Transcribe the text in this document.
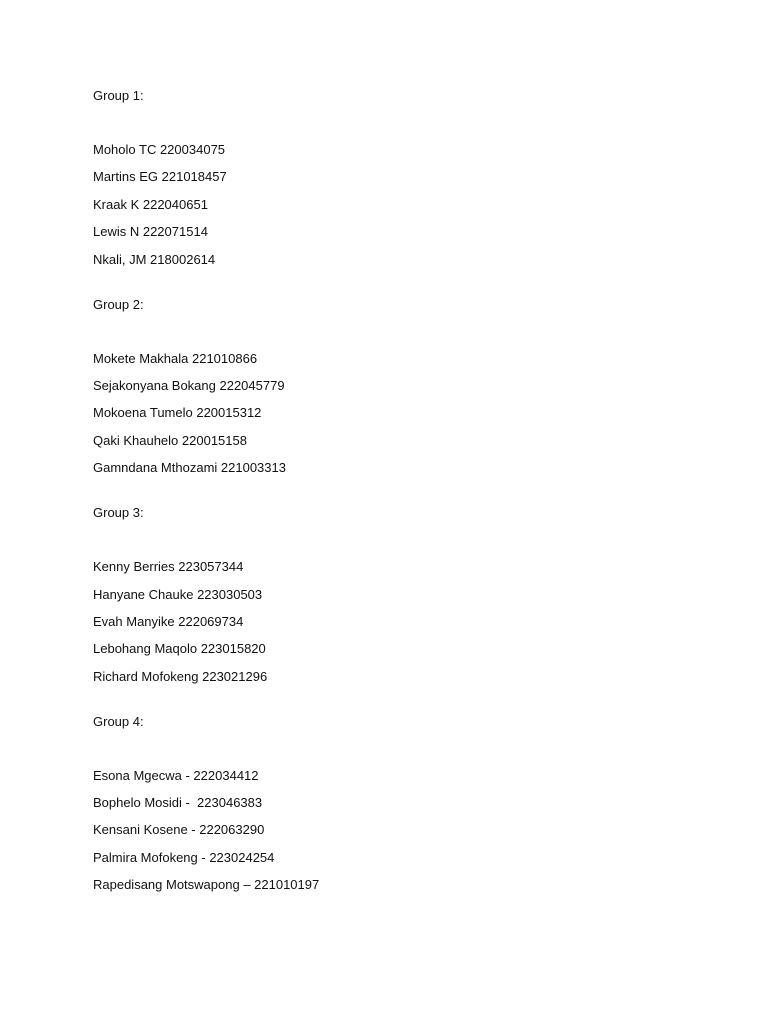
Group 1:
Moholo TC 220034075
Martins EG 221018457
Kraak K 222040651
Lewis N 222071514
Nkali, JM 218002614
Group 2:
Mokete Makhala 221010866
Sejakonyana Bokang 222045779
Mokoena Tumelo 220015312
Qaki Khauhelo 220015158
Gamndana Mthozami 221003313
Group 3:
Kenny Berries 223057344
Hanyane Chauke 223030503
Evah Manyike 222069734
Lebohang Maqolo 223015820
Richard Mofokeng 223021296
Group 4:
Esona Mgecwa - 222034412
Bophelo Mosidi -  223046383
Kensani Kosene - 222063290
Palmira Mofokeng - 223024254
Rapedisang Motswapong – 221010197
